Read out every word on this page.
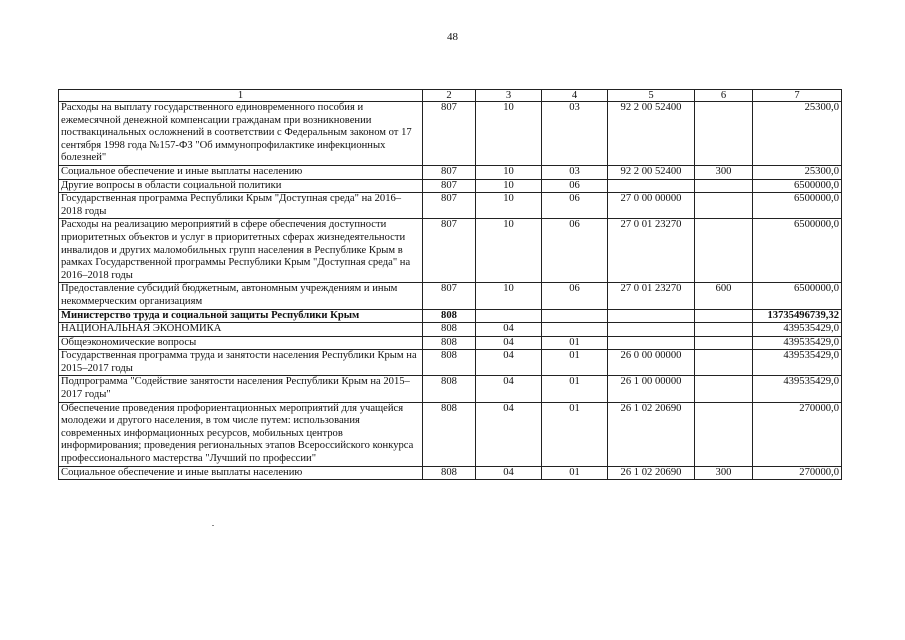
48
1	2	3	4	5	6	7
Расходы на выплату государственного единовременного пособия и ежемесячной денежной компенсации гражданам при возникновении поствакцинальных осложнений в соответствии с Федеральным законом от 17 сентября 1998 года №157-ФЗ "Об иммунопрофилактике инфекционных болезней"	807	10	03	92 2 00 52400		25300,0
Социальное обеспечение и иные выплаты населению	807	10	03	92 2 00 52400	300	25300,0
Другие вопросы в области социальной политики	807	10	06			6500000,0
Государственная программа Республики Крым "Доступная среда" на 2016–2018 годы	807	10	06	27 0 00 00000		6500000,0
Расходы на реализацию мероприятий в сфере обеспечения доступности приоритетных объектов и услуг в приоритетных сферах жизнедеятельности инвалидов и других маломобильных групп населения в Республике Крым в рамках Государственной программы Республики Крым "Доступная среда" на 2016–2018 годы	807	10	06	27 0 01 23270		6500000,0
Предоставление субсидий бюджетным, автономным учреждениям и иным некоммерческим организациям	807	10	06	27 0 01 23270	600	6500000,0
Министерство труда и социальной защиты Республики Крым	808					13735496739,32
НАЦИОНАЛЬНАЯ ЭКОНОМИКА	808	04				439535429,0
Общеэкономические вопросы	808	04	01			439535429,0
Государственная программа труда и занятости населения Республики Крым на 2015–2017 годы	808	04	01	26 0 00 00000		439535429,0
Подпрограмма "Содействие занятости населения Республики Крым на 2015–2017 годы"	808	04	01	26 1 00 00000		439535429,0
Обеспечение проведения профориентационных мероприятий для учащейся молодежи и другого населения, в том числе путем: использования современных информационных ресурсов, мобильных центров информирования; проведения региональных этапов Всероссийского конкурса профессионального мастерства "Лучший по профессии"	808	04	01	26 1 02 20690		270000,0
Социальное обеспечение и иные выплаты населению	808	04	01	26 1 02 20690	300	270000,0
